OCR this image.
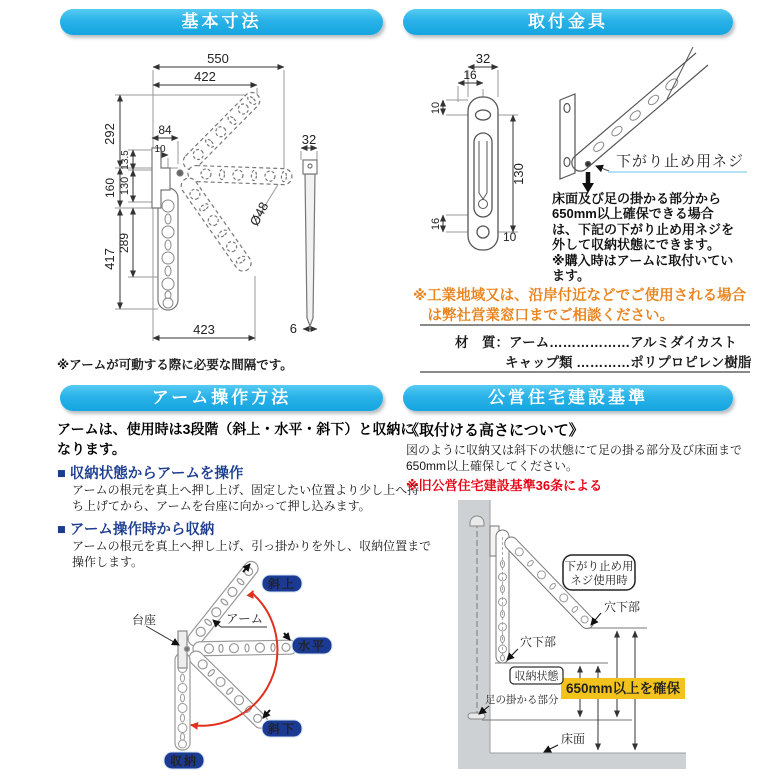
基本寸法	取付金具
アーム操作方法	公営住宅建設基準
550
422
292
13.5
160 130
417
289
84
10
423
32
6
Ø48
※アームが可動する際に必要な間隔です。
下がり止め用ネジ
32
16
10
130
16
10
床面及び足の掛かる部分から
650mm以上確保できる場合
は、下記の下がり止め用ネジを
外して収納状態にできます。
※購入時はアームに取付いてい
ます。
※工業地域又は、沿岸付近などでご使用される場合
　は弊社営業窓口までご相談ください。
材　質：アーム………………アルミダイカスト
キャップ類 …………ポリプロピレン樹脂
アームは、使用時は3段階（斜上・水平・斜下）と収納に
なります。
■ 収納状態からアームを操作
アームの根元を真上へ押し上げ、固定したい位置より少し上へ持
ち上げてから、アームを台座に向かって押し込みます。
■ アーム操作時から収納
アームの根元を真上へ押し上げ、引っ掛かりを外し、収納位置まで
操作します。
台座	アーム
斜上
水平
斜下
収納
《取付ける高さについて》
図のように収納又は斜下の状態にて足の掛る部分及び床面まで
650mm以上確保してください。
※旧公営住宅建設基準36条による
650mm以上を確保
下がり止め用
ネジ使用時
穴下部
穴下部
収納状態
足の掛かる部分
床面
